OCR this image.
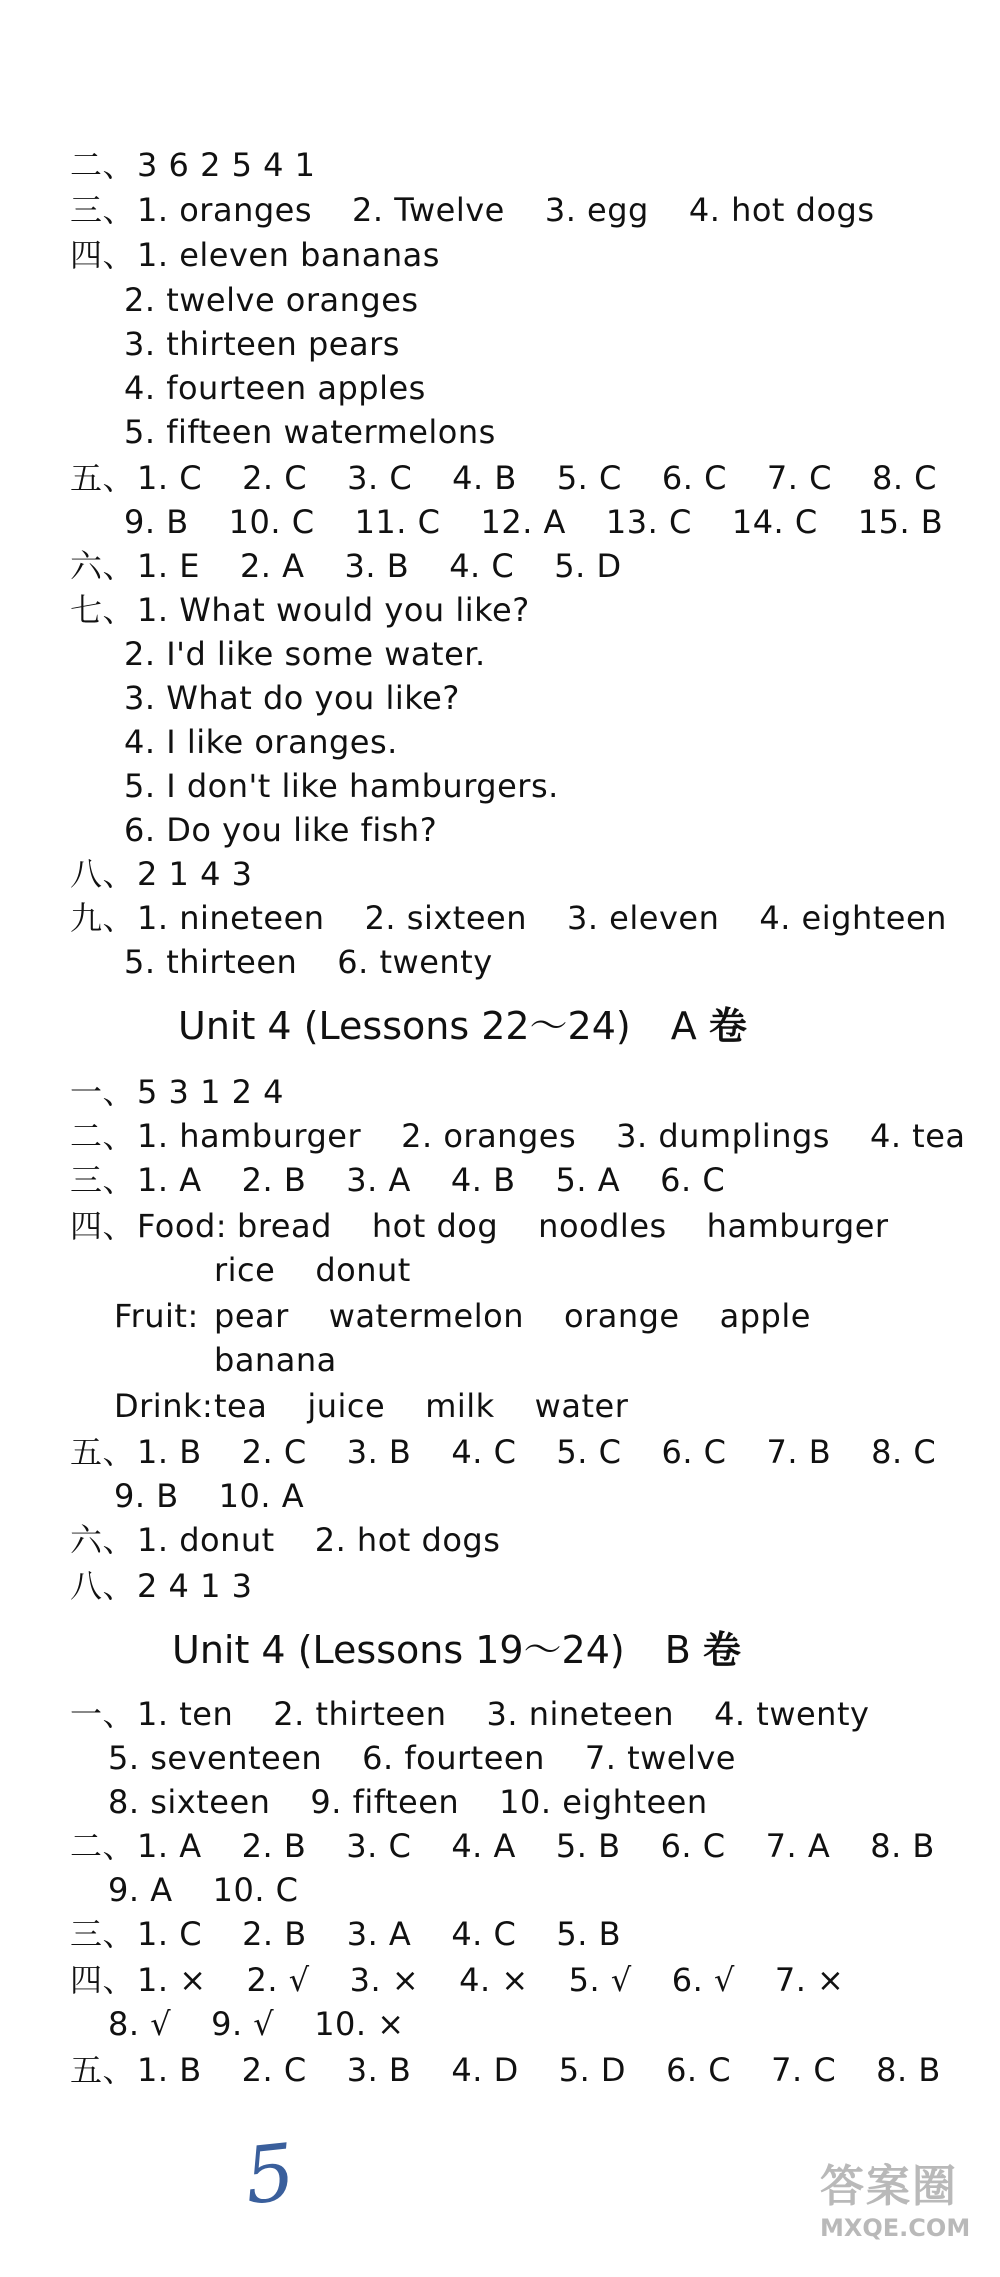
二、3 6 2 5 4 1
三、1. oranges 2. Twelve 3. egg 4. hot dogs
四、1. eleven bananas
2. twelve oranges
3. thirteen pears
4. fourteen apples
5. fifteen watermelons
五、1. C 2. C 3. C 4. B 5. C 6. C 7. C 8. C
9. B 10. C 11. C 12. A 13. C 14. C 15. B
六、1. E 2. A 3. B 4. C 5. D
七、1. What would you like?
2. I'd like some water.
3. What do you like?
4. I like oranges.
5. I don't like hamburgers.
6. Do you like fish?
八、2 1 4 3
九、1. nineteen 2. sixteen 3. eleven 4. eighteen
5. thirteen 6. twenty
Unit 4 (Lessons 22～24) A 卷
一、5 3 1 2 4
二、1. hamburger 2. oranges 3. dumplings 4. tea
三、1. A 2. B 3. A 4. B 5. A 6. C
四、Food: bread hot dog noodles hamburger
rice donut
Fruit: pear watermelon orange apple
banana
Drink:tea juice milk water
五、1. B 2. C 3. B 4. C 5. C 6. C 7. B 8. C
9. B 10. A
六、1. donut 2. hot dogs
八、2 4 1 3
Unit 4 (Lessons 19～24) B 卷
一、1. ten 2. thirteen 3. nineteen 4. twenty
5. seventeen 6. fourteen 7. twelve
8. sixteen 9. fifteen 10. eighteen
二、1. A 2. B 3. C 4. A 5. B 6. C 7. A 8. B
9. A 10. C
三、1. C 2. B 3. A 4. C 5. B
四、1. × 2. √ 3. × 4. × 5. √ 6. √ 7. ×
8. √ 9. √ 10. ×
五、1. B 2. C 3. B 4. D 5. D 6. C 7. C 8. B
5	答案圈
MXQE.COM
